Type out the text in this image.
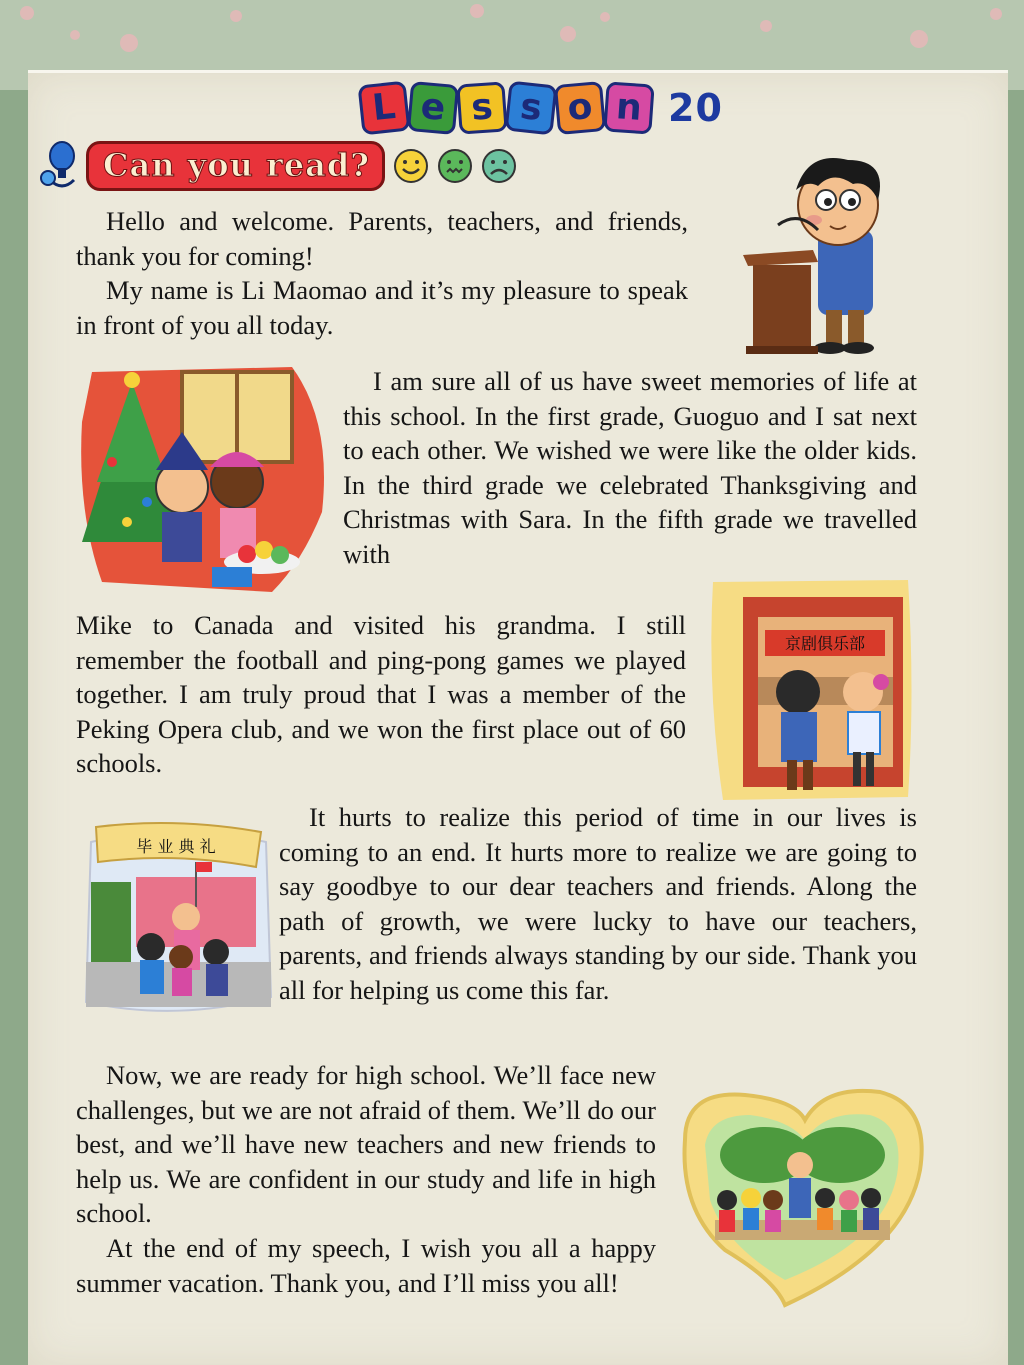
L e s s o n 20
Can you read?
京剧俱乐部
毕 业 典 礼

Hello and welcome. Parents, teachers, and friends, thank you for coming!

My name is Li Maomao and it’s my pleasure to speak in front of you all today.

I am sure all of us have sweet memories of life at this school. In the first grade, Guoguo and I sat next to each other. We wished we were like the older kids. In the third grade we celebrated Thanksgiving and Christmas with Sara. In the fifth grade we travelled with

Mike to Canada and visited his grandma. I still remember the football and ping-pong games we played together. I am truly proud that I was a member of the Peking Opera club, and we won the first place out of 60 schools.

It hurts to realize this period of time in our lives is coming to an end. It hurts more to realize we are going to say goodbye to our dear teachers and friends. Along the path of growth, we were lucky to have our teachers, parents, and friends always standing by our side. Thank you all for helping us come this far.

Now, we are ready for high school. We’ll face new challenges, but we are not afraid of them. We’ll do our best, and we’ll have new teachers and new friends to help us. We are confident in our study and life in high school.

At the end of my speech, I wish you all a happy summer vacation. Thank you, and I’ll miss you all!
